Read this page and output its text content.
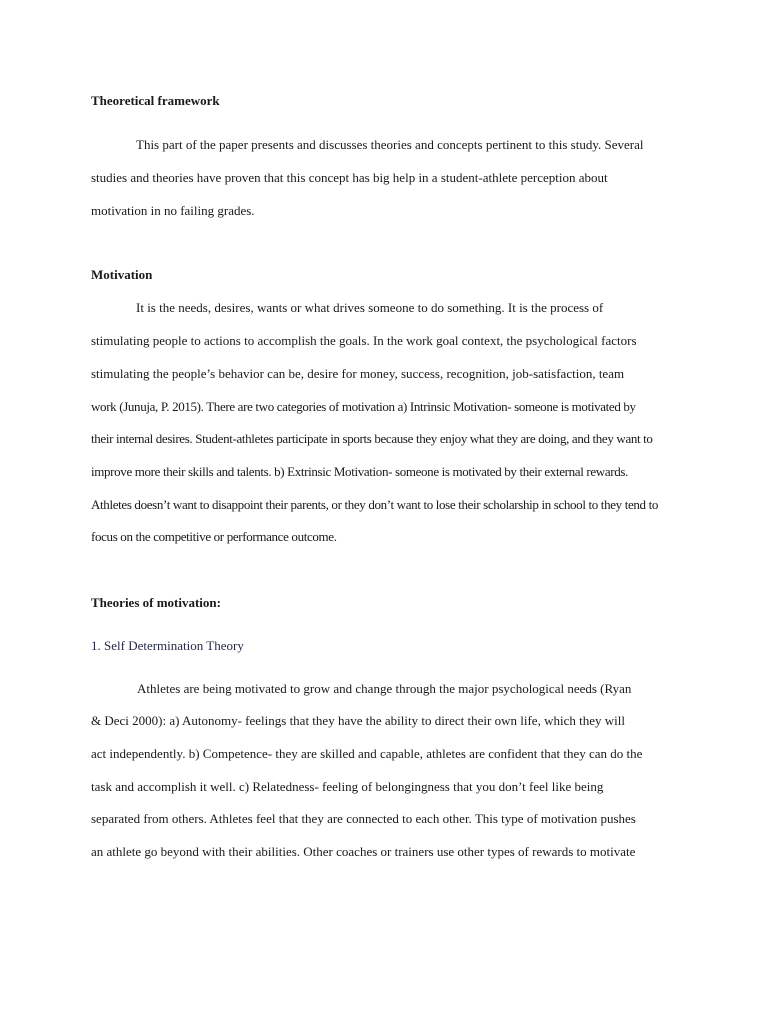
Theoretical framework
This part of the paper presents and discusses theories and concepts pertinent to this study. Several
studies and theories have proven that this concept has big help in a student-athlete perception about
motivation in no failing grades.
Motivation
It is the needs, desires, wants or what drives someone to do something. It is the process of
stimulating people to actions to accomplish the goals. In the work goal context, the psychological factors
stimulating the people’s behavior can be, desire for money, success, recognition, job-satisfaction, team
work (Junuja, P. 2015). There are two categories of motivation a) Intrinsic Motivation- someone is motivated by
their internal desires. Student-athletes participate in sports because they enjoy what they are doing, and they want to
improve more their skills and talents. b) Extrinsic Motivation- someone is motivated by their external rewards.
Athletes doesn’t want to disappoint their parents, or they don’t want to lose their scholarship in school to they tend to
focus on the competitive or performance outcome.
Theories of motivation:
1. Self Determination Theory
Athletes are being motivated to grow and change through the major psychological needs (Ryan
& Deci 2000): a) Autonomy- feelings that they have the ability to direct their own life, which they will
act independently. b) Competence- they are skilled and capable, athletes are confident that they can do the
task and accomplish it well. c) Relatedness- feeling of belongingness that you don’t feel like being
separated from others. Athletes feel that they are connected to each other. This type of motivation pushes
an athlete go beyond with their abilities. Other coaches or trainers use other types of rewards to motivate
